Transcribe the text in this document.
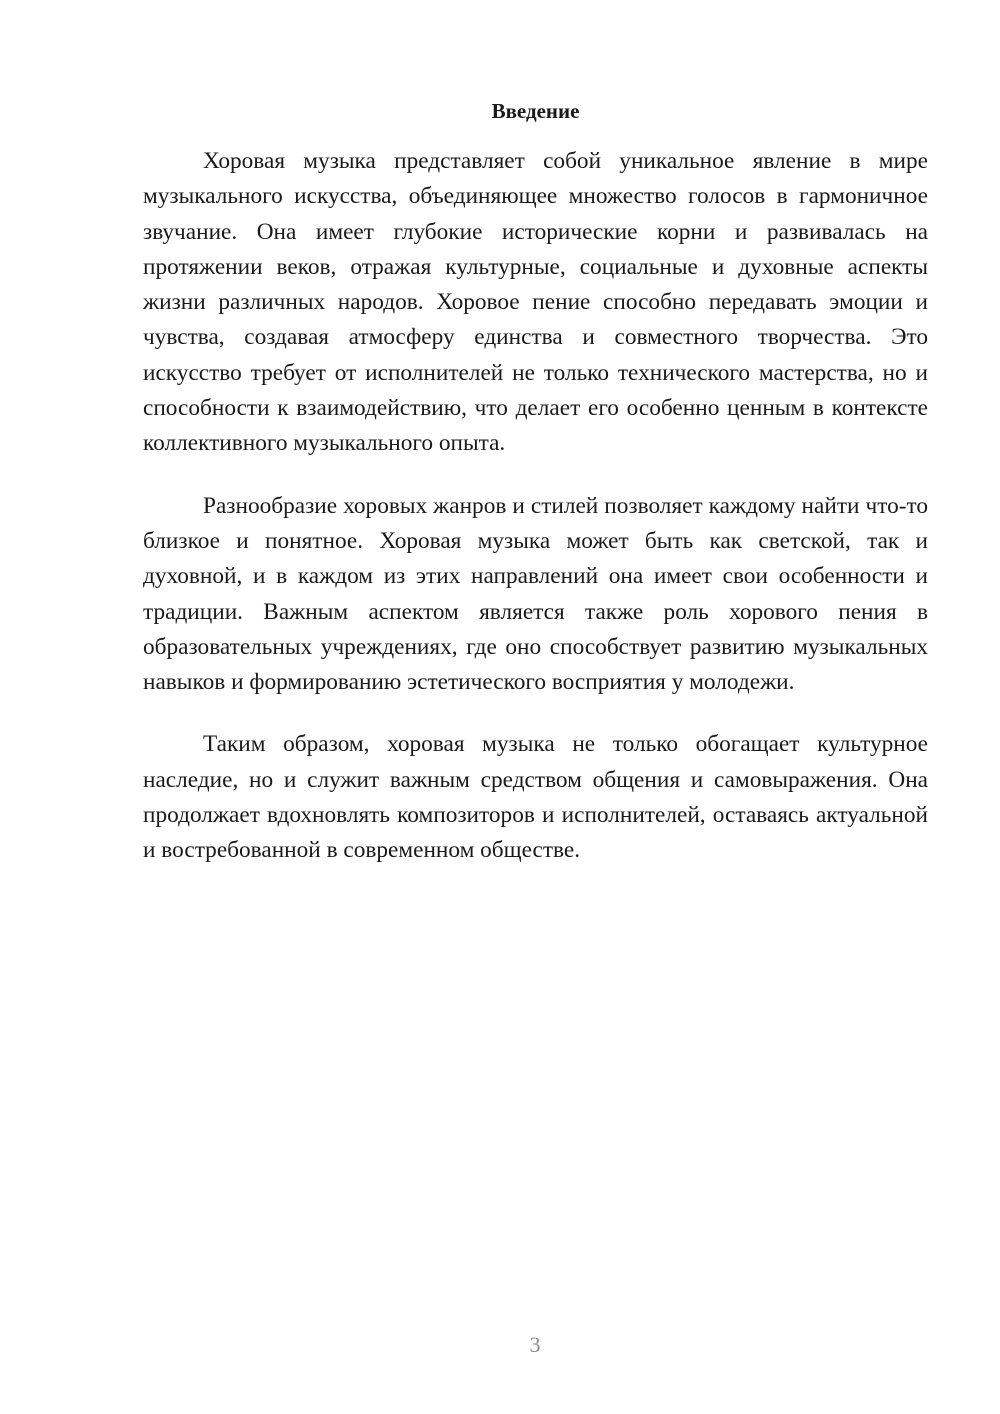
Введение

Хоровая музыка представляет собой уникальное явление в мире музыкального искусства, объединяющее множество голосов в гармоничное звучание. Она имеет глубокие исторические корни и развивалась на протяжении веков, отражая культурные, социальные и духовные аспекты жизни различных народов. Хоровое пение способно передавать эмоции и чувства, создавая атмосферу единства и совместного творчества. Это искусство требует от исполнителей не только технического мастерства, но и способности к взаимодействию, что делает его особенно ценным в контексте коллективного музыкального опыта.

Разнообразие хоровых жанров и стилей позволяет каждому найти что-то близкое и понятное. Хоровая музыка может быть как светской, так и духовной, и в каждом из этих направлений она имеет свои особенности и традиции. Важным аспектом является также роль хорового пения в образовательных учреждениях, где оно способствует развитию музыкальных навыков и формированию эстетического восприятия у молодежи.

Таким образом, хоровая музыка не только обогащает культурное наследие, но и служит важным средством общения и самовыражения. Она продолжает вдохновлять композиторов и исполнителей, оставаясь актуальной и востребованной в современном обществе.

3
